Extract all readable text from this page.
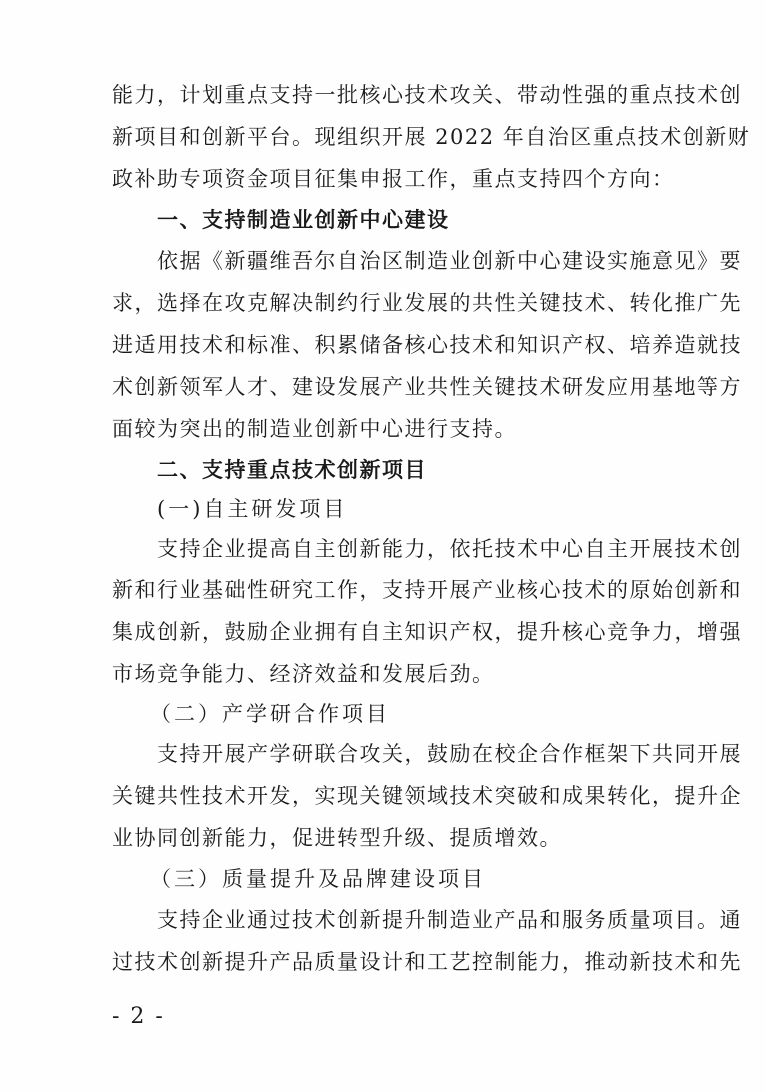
能力，计划重点支持一批核心技术攻关、带动性强的重点技术创
新项目和创新平台。现组织开展 2022 年自治区重点技术创新财
政补助专项资金项目征集申报工作，重点支持四个方向：
一、支持制造业创新中心建设
依据《新疆维吾尔自治区制造业创新中心建设实施意见》要
求，选择在攻克解决制约行业发展的共性关键技术、转化推广先
进适用技术和标准、积累储备核心技术和知识产权、培养造就技
术创新领军人才、建设发展产业共性关键技术研发应用基地等方
面较为突出的制造业创新中心进行支持。
二、支持重点技术创新项目
(一)自主研发项目
支持企业提高自主创新能力，依托技术中心自主开展技术创
新和行业基础性研究工作，支持开展产业核心技术的原始创新和
集成创新，鼓励企业拥有自主知识产权，提升核心竞争力，增强
市场竞争能力、经济效益和发展后劲。
（二）产学研合作项目
支持开展产学研联合攻关，鼓励在校企合作框架下共同开展
关键共性技术开发，实现关键领域技术突破和成果转化，提升企
业协同创新能力，促进转型升级、提质增效。
（三）质量提升及品牌建设项目
- 2 -
支持企业通过技术创新提升制造业产品和服务质量项目。通
过技术创新提升产品质量设计和工艺控制能力，推动新技术和先
